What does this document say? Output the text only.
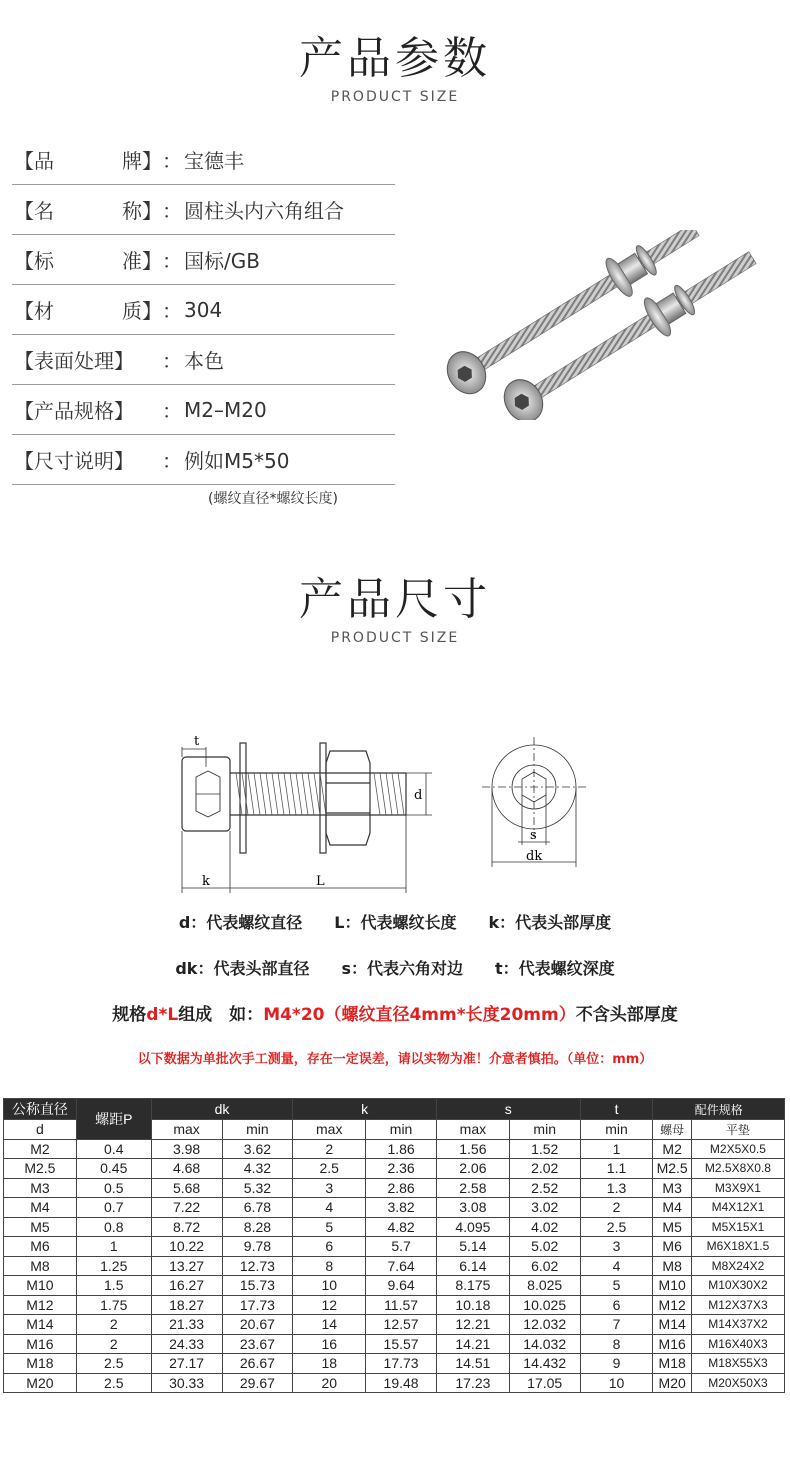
产品参数
PRODUCT SIZE
【品	牌】 ： 宝德丰
【名	称】 ： 圆柱头内六角组合
【标	准】 ： 国标/GB
【材	质】 ： 304
【表面处理】 ： 本色
【产品规格】 ： M2–M20
【尺寸说明】 ： 例如M5*50
(螺纹直径*螺纹长度)
产品尺寸
PRODUCT SIZE
t
k	L
d
s
dk
d：代表螺纹直径 L：代表螺纹长度 k：代表头部厚度
dk：代表头部直径 s：代表六角对边 t：代表螺纹深度
规格d*L组成　如：M4*20（螺纹直径4mm*长度20mm）不含头部厚度
以下数据为单批次手工测量，存在一定误差，请以实物为准！介意者慎拍。（单位：mm）
公称直径	螺距P	dk		k		s		t	配件规格	
d		max	min	max	min	max	min	min	螺母	平垫
M2	0.4	3.98	3.62	2	1.86	1.56	1.52	1	M2	M2X5X0.5
M2.5	0.45	4.68	4.32	2.5	2.36	2.06	2.02	1.1	M2.5	M2.5X8X0.8
M3	0.5	5.68	5.32	3	2.86	2.58	2.52	1.3	M3	M3X9X1
M4	0.7	7.22	6.78	4	3.82	3.08	3.02	2	M4	M4X12X1
M5	0.8	8.72	8.28	5	4.82	4.095	4.02	2.5	M5	M5X15X1
M6	1	10.22	9.78	6	5.7	5.14	5.02	3	M6	M6X18X1.5
M8	1.25	13.27	12.73	8	7.64	6.14	6.02	4	M8	M8X24X2
M10	1.5	16.27	15.73	10	9.64	8.175	8.025	5	M10	M10X30X2
M12	1.75	18.27	17.73	12	11.57	10.18	10.025	6	M12	M12X37X3
M14	2	21.33	20.67	14	12.57	12.21	12.032	7	M14	M14X37X2
M16	2	24.33	23.67	16	15.57	14.21	14.032	8	M16	M16X40X3
M18	2.5	27.17	26.67	18	17.73	14.51	14.432	9	M18	M18X55X3
M20	2.5	30.33	29.67	20	19.48	17.23	17.05	10	M20	M20X50X3
